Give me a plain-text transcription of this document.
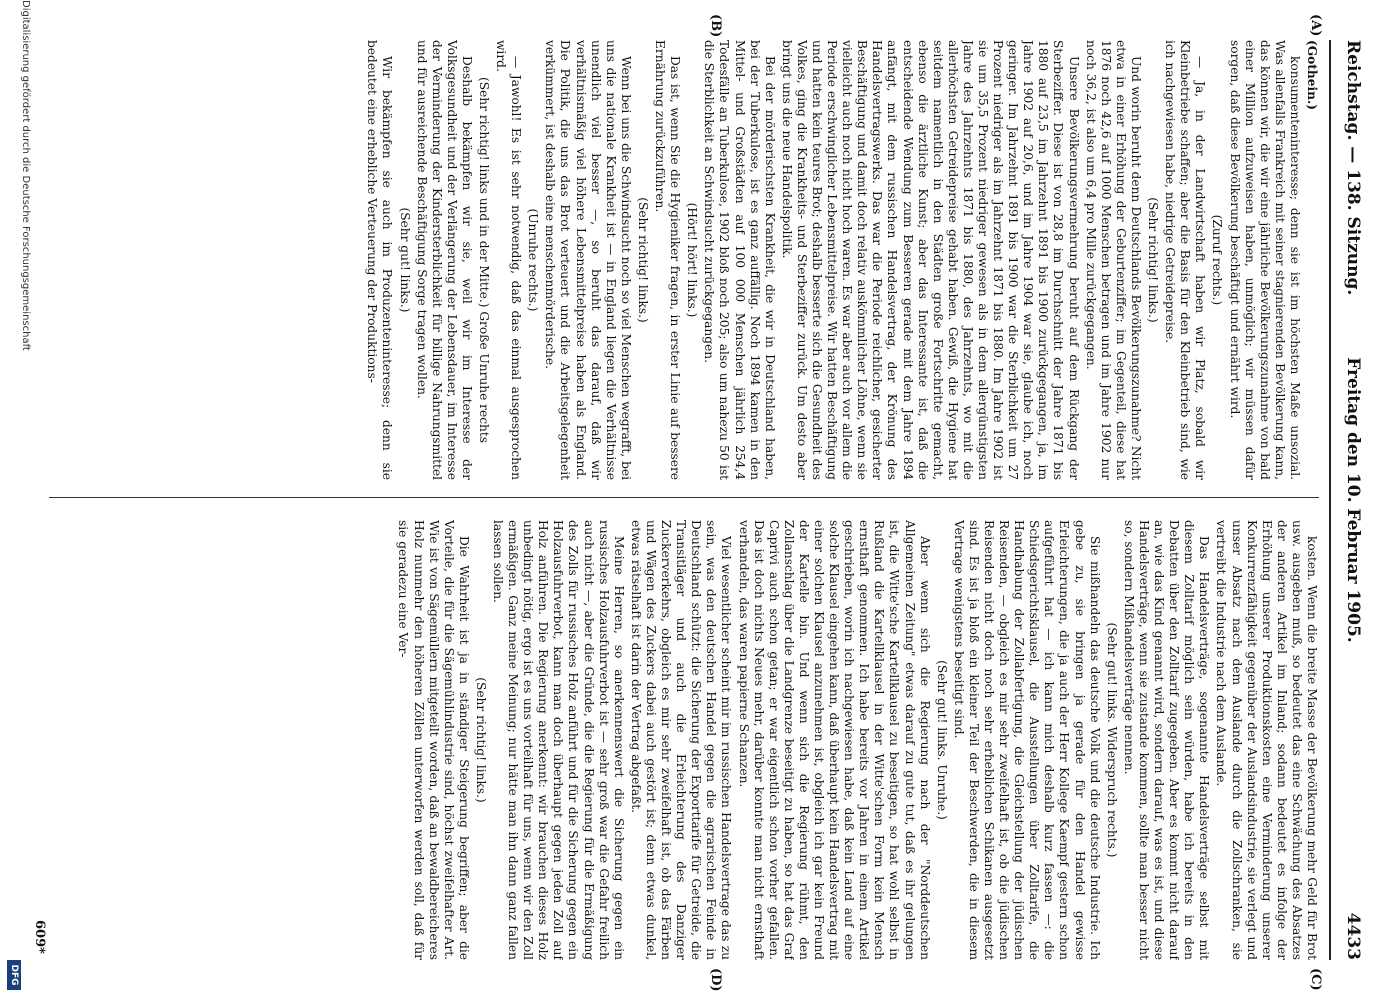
Reichstag. — 138. Sitzung.
Freitag den 10. Februar 1905.
4433
(A)
(B)
(C)
(D)

(Gothein.)

konsumenteninteresse; denn sie ist im höchsten Maße unsozial. Was allenfalls Frankreich mit seiner stagnierenden Bevölkerung kann, das können wir, die wir eine jährliche Bevölkerungszunahme von bald einer Million aufzuweisen haben, unmöglich; wir müssen dafür sorgen, daß diese Bevölkerung beschäftigt und ernährt wird.

(Zuruf rechts.)

— Ja, in der Landwirtschaft haben wir Platz, sobald wir Kleinbetriebe schaffen; aber die Basis für den Kleinbetrieb sind, wie ich nachgewiesen habe, niedrige Getreidepreise.

(Sehr richtig! links.)

Und worin beruht denn Deutschlands Bevölkerungszunahme? Nicht etwa in einer Erhöhung der Geburtenziffer; im Gegenteil, diese hat 1876 noch 42,6 auf 1000 Menschen betragen und im Jahre 1902 nur noch 36,2, ist also um 6,4 pro Mille zurückgegangen.

Unsere Bevölkerungsvermehrung beruht auf dem Rückgang der Sterbeziffer. Diese ist von 28,8 im Durchschnitt der Jahre 1871 bis 1880 auf 23,5 im Jahrzehnt 1891 bis 1900 zurückgegangen, ja, im Jahre 1902 auf 20,6, und im Jahre 1904 war sie, glaube ich, noch geringer. Im Jahrzehnt 1891 bis 1900 war die Sterblichkeit um 27 Prozent niedriger als im Jahrzehnt 1871 bis 1880. Im Jahre 1902 ist sie um 35,5 Prozent niedriger gewesen als in dem allergünstigsten Jahre des Jahrzehnts 1871 bis 1880, des Jahrzehnts, wo mit die allerhöchsten Getreidepreise gehabt haben. Gewiß, die Hygiene hat seitdem namentlich in den Städten große Fortschritte gemacht, ebenso die ärztliche Kunst; aber das Interessante ist, daß die entscheidende Wendung zum Besseren gerade mit dem Jahre 1894 anfängt, mit dem russischen Handelsvertrag, der Krönung des Handelsvertragswerks. Das war die Periode reichlicher, gesicherter Beschäftigung und damit doch relativ auskömmlicher Löhne, wenn sie vielleicht auch noch nicht hoch waren. Es war aber auch vor allem die Periode erschwinglicher Lebensmittelpreise. Wir hatten Beschäftigung und hatten kein teures Brot; deshalb besserte sich die Gesundheit des Volkes, ging die Krankheits- und Sterbeziffer zurück. Um desto aber bringt uns die neue Handelspolitik.

Bei der mörderischsten Krankheit, die wir in Deutschland haben, bei der Tuberkulose, ist es ganz auffällig. Noch 1894 kamen in den Mittel- und Großstädten auf 100 000 Menschen jährlich 254,4 Todesfälle an Tuberkulose, 1902 bloß noch 205; also um nahezu 50 ist die Sterblichkeit an Schwindsucht zurückgegangen.

(Hört! hört! links.)

Das ist, wenn Sie die Hygieniker fragen, in erster Linie auf bessere Ernährung zurückzuführen.

(Sehr richtig! links.)

Wenn bei uns die Schwindsucht noch so viel Menschen wegrafft, bei uns die nationale Krankheit ist — in England liegen die Verhältnisse unendlich viel besser —, so beruht das darauf, daß wir verhältnismäßig viel höhere Lebensmittelpreise haben als England. Die Politik, die uns das Brot verteuert und die Arbeitsgelegenheit verkümmert, ist deshalb eine menschenmörderische.

(Unruhe rechts.)

— Jawohl! Es ist sehr notwendig, daß das einmal ausgesprochen wird.

(Sehr richtig! links und in der Mitte.) Große Unruhe rechts

Deshalb bekämpfen wir sie, weil wir im Interesse der Volksgesundheit und der Verlängerung der Lebensdauer, im Interesse der Verminderung der Kindersterblichkeit für billige Nahrungsmittel und für ausreichende Beschäftigung Sorge tragen wollen.

(Sehr gut! links.)

Wir bekämpfen sie auch im Produzenteninteresse; denn sie bedeutet eine erhebliche Verteuerung der Produktions-

kosten. Wenn die breite Masse der Bevölkerung mehr Geld für Brot usw. ausgeben muß, so bedeutet das eine Schwächung des Absatzes der anderen Artikel im Inland; sodann bedeutet es infolge der Erhöhung unserer Produktionskosten eine Verminderung unserer Konkurrenzfähigkeit gegenüber der Auslandsindustrie, sie verlegt und unser Absatz nach dem Auslande durch die Zollschranken, sie vertreibt die Industrie nach dem Auslande.

Das Handelsverträge, sogenannte Handelsverträge selbst mit diesem Zolltarif möglich sein würden, habe ich bereits in den Debatten über den Zolltarif zugegeben. Aber es kommt nicht darauf an, wie das Kind genannt wird, sondern darauf, was es ist, und diese Handelsverträge, wenn sie zustande kommen, sollte man besser nicht so, sondern Mißhandelsverträge nennen.

(Sehr gut! links. Widerspruch rechts.)

Sie mißhandeln das deutsche Volk und die deutsche Industrie. Ich gebe zu, sie bringen ja gerade für den Handel gewisse Erleichterungen, die ja auch der Herr Kollege Kaempf gestern schon aufgeführt hat — ich kann mich deshalb kurz fassen —: die Schiedsgerichtsklausel, die Ausstellungen über Zolltarife, die Handhabung der Zollabfertigung, die Gleichstellung der jüdischen Reisenden, — obgleich es mir sehr zweifelhaft ist, ob die jüdischen Reisenden nicht doch noch sehr erheblichen Schikanen ausgesetzt sind. Es ist ja bloß ein kleiner Teil der Beschwerden, die in diesem Vertrage wenigstens beseitigt sind.

(Sehr gut! links. Unruhe.)

Aber wenn sich die Regierung nach der "Norddeutschen Allgemeinen Zeitung" etwas darauf zu gute tut, daß es ihr gelungen ist, die Witte'sche Kartellklausel zu beseitigen, so hat wohl selbst in Rußland die Kartellklausel in der Witte'schen Form kein Mensch ernsthaft genommen. Ich habe bereits vor Jahren in einem Artikel geschrieben, worin ich nachgewiesen habe, daß kein Land auf eine solche Klausel eingehen kann, daß überhaupt kein Handelsvertrag mit einer solchen Klausel anzunehmen ist, obgleich ich gar kein Freund der Kartelle bin. Und wenn sich die Regierung rühmt, den Zollanschlag über die Landgrenze beseitigt zu haben, so hat das Graf Caprivi auch schon getan; er war eigentlich schon vorher gefallen. Das ist doch nichts Neues mehr, darüber konnte man nicht ernsthaft verhandeln, das waren papierne Schanzen.

Viel wesentlicher scheint mir im russischen Handelsvertrage das zu sein, was den deutschen Handel gegen die agrarischen Feinde in Deutschland schützt: die Sicherung der Exporttarife für Getreide, die Transitläger und auch die Erleichterung des Danziger Zuckerverkehrs, obgleich es mir sehr zweifelhaft ist, ob das Färben und Wägen des Zuckers dabei auch gestört ist; denn etwas dunkel, etwas rätselhaft ist darin der Vertrag abgefaßt.

Meine Herren, so anerkennenswert die Sicherung gegen ein russisches Holzausfuhrverbot ist — sehr groß war die Gefahr freilich auch nicht —, aber die Gründe, die die Regierung für die Ermäßigung des Zolls für russisches Holz anführt und für die Sicherung gegen ein Holzausfuhrverbot, kann man doch überhaupt gegen jeden Zoll auf Holz anführen. Die Regierung anerkennt: wir brauchen dieses Holz unbedingt nötig, ergo ist es uns vorteilhaft für uns, wenn wir den Zoll ermäßigen. Ganz meine Meinung; nur hätte man ihn dann ganz fallen lassen sollen.

(Sehr richtig! links.)

Die Wahrheit ist ja in ständiger Steigerung begriffen; aber die Vorteile, die für die Sägemühlindustrie sind, höchst zweifelhafter Art. Wie ist von Sägemüllern mitgeteilt worden, daß an bewaldbereicheres Holz nunmehr den höheren Zöllen unterworfen werden soll, daß für sie geradezu eine Ver-

609*
Digitalisierung gefördert durch die Deutsche Forschungsgemeinschaft
DFG
